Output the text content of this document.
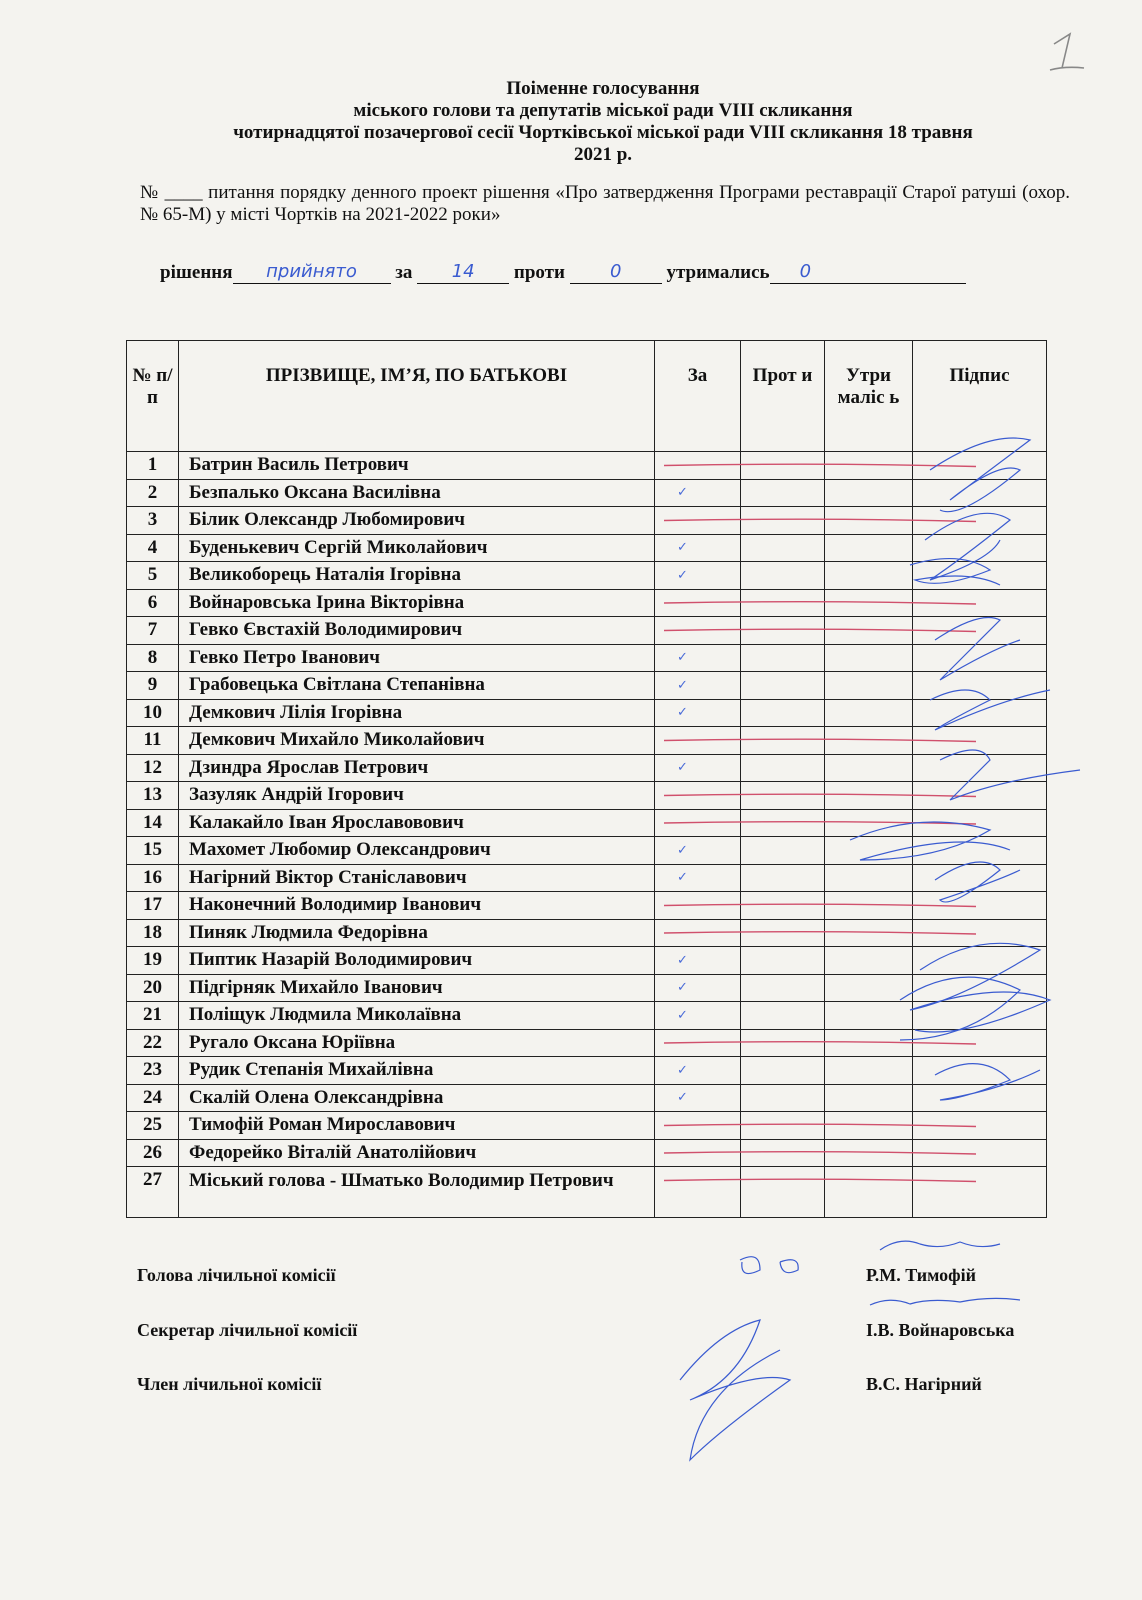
Поіменне голосування
міського голови та депутатів міської ради VIII скликання
чотирнадцятої позачергової сесії Чортківської міської ради VIII скликання 18 травня
2021 р.
№ ____ питання порядку денного проект рішення «Про затвердження Програми реставрації Старої ратуші (охор. № 65-М) у місті Чортків на 2021-2022 роки»
рішення	прийнято	за	14	проти	0	утримались 0
№ п/п	ПРІЗВИЩЕ, ІМ’Я, ПО БАТЬКОВІ	За	Прот и	Утри маліс ь	Підпис
1	Батрин Василь Петрович				
2	Безпалько Оксана Василівна	✓			

3	Білик Олександр Любомирович				
4	Буденькевич Сергій Миколайович	✓			

5	Великоборець Наталія Ігорівна	✓			

6	Войнаровська Ірина Вікторівна				
7	Гевко Євстахій Володимирович				
8	Гевко Петро Іванович	✓			

9	Грабовецька Світлана Степанівна	✓			

10	Демкович Лілія Ігорівна	✓			

11	Демкович Михайло Миколайович				
12	Дзиндра Ярослав Петрович	✓			

13	Зазуляк Андрій Ігорович				
14	Калакайло Іван Ярославовович				
15	Махомет Любомир Олександрович	✓			

16	Нагірний Віктор Станіславович	✓			

17	Наконечний Володимир Іванович				
18	Пиняк Людмила Федорівна				
19	Пиптик Назарій Володимирович	✓			

20	Підгірняк Михайло Іванович	✓			

21	Поліщук Людмила Миколаївна	✓			

22	Ругало Оксана Юріївна				
23	Рудик Степанія Михайлівна	✓			

24	Скалій Олена Олександрівна	✓			

25	Тимофій Роман Мирославович				
26	Федорейко Віталій Анатолійович				
27	Міський голова - Шматько Володимир Петрович				
Голова лічильної комісії	Р.М. Тимофій
Секретар лічильної комісії	І.В. Войнаровська
Член лічильної комісії	В.С. Нагірний
